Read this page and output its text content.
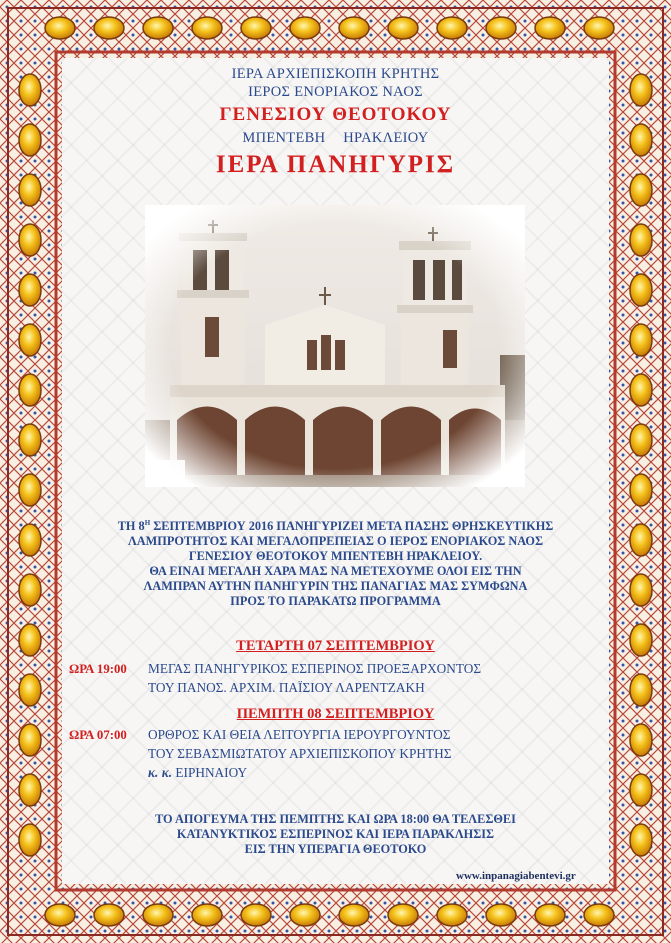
ΙΕΡΑ ΑΡΧΙΕΠΙΣΚΟΠΗ ΚΡΗΤΗΣ
ΙΕΡΟΣ ΕΝΟΡΙΑΚΟΣ ΝΑΟΣ
ΓΕΝΕΣΙΟΥ ΘΕΟΤΟΚΟΥ
ΜΠΕΝΤΕΒΗ ΗΡΑΚΛΕΙΟΥ
ΙΕΡΑ ΠΑΝΗΓΥΡΙΣ
ΤΗ $8^H$ ΣΕΠΤΕΜΒΡΙΟΥ 2016 ΠΑΝΗΓΥΡΙΖΕΙ ΜΕΤΑ ΠΑΣΗΣ ΘΡΗΣΚΕΥΤΙΚΗΣ
ΛΑΜΠΡΟΤΗΤΟΣ ΚΑΙ ΜΕΓΑΛΟΠΡΕΠΕΙΑΣ Ο ΙΕΡΟΣ ΕΝΟΡΙΑΚΟΣ ΝΑΟΣ
ΓΕΝΕΣΙΟΥ ΘΕΟΤΟΚΟΥ ΜΠΕΝΤΕΒΗ ΗΡΑΚΛΕΙΟΥ.
ΘΑ ΕΙΝΑΙ ΜΕΓΑΛΗ ΧΑΡΑ ΜΑΣ ΝΑ ΜΕΤΕΧΟΥΜΕ ΟΛΟΙ ΕΙΣ ΤΗΝ
ΛΑΜΠΡΑΝ ΑΥΤΗΝ ΠΑΝΗΓΥΡΙΝ ΤΗΣ ΠΑΝΑΓΙΑΣ ΜΑΣ ΣΥΜΦΩΝΑ
ΠΡΟΣ ΤΟ ΠΑΡΑΚΑΤΩ ΠΡΟΓΡΑΜΜΑ
ΤΕΤΑΡΤΗ 07 ΣΕΠΤΕΜΒΡΙΟΥ
ΩΡΑ 19:00 ΜΕΓΑΣ ΠΑΝΗΓΥΡΙΚΟΣ ΕΣΠΕΡΙΝΟΣ ΠΡΟΕΞΑΡΧΟΝΤΟΣ
ΤΟΥ ΠΑΝΟΣ. ΑΡΧΙΜ. ΠΑΪΣΙΟΥ ΛΑΡΕΝΤΖΑΚΗ
ΠΕΜΠΤΗ 08 ΣΕΠΤΕΜΒΡΙΟΥ
ΩΡΑ 07:00 ΟΡΘΡΟΣ ΚΑΙ ΘΕΙΑ ΛΕΙΤΟΥΡΓΙΑ ΙΕΡΟΥΡΓΟΥΝΤΟΣ
ΤΟΥ ΣΕΒΑΣΜΙΩΤΑΤΟΥ ΑΡΧΙΕΠΙΣΚΟΠΟΥ ΚΡΗΤΗΣ
κ. κ. ΕΙΡΗΝΑΙΟΥ
ΤΟ ΑΠΟΓΕΥΜΑ ΤΗΣ ΠΕΜΠΤΗΣ ΚΑΙ ΩΡΑ 18:00 ΘΑ ΤΕΛΕΣΘΕΙ
ΚΑΤΑΝΥΚΤΙΚΟΣ ΕΣΠΕΡΙΝΟΣ ΚΑΙ ΙΕΡΑ ΠΑΡΑΚΛΗΣΙΣ
ΕΙΣ ΤΗΝ ΥΠΕΡΑΓΙΑ ΘΕΟΤΟΚΟ
www.inpanagiabentevi.gr
